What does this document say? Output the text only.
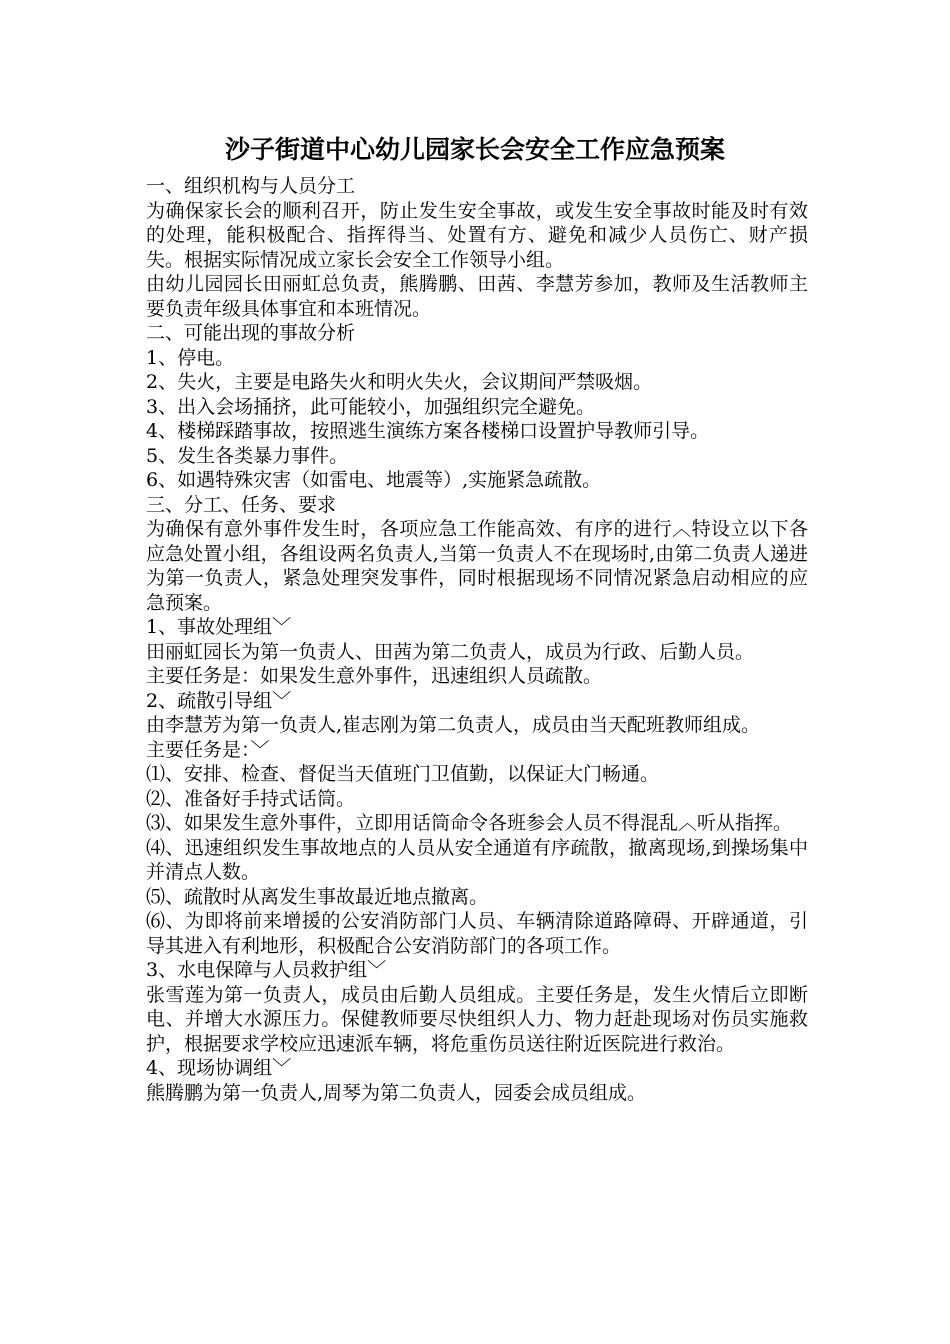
沙子街道中心幼儿园家长会安全工作应急预案

一、组织机构与人员分工

为确保家长会的顺利召开，防止发生安全事故，或发生安全事故时能及时有效的处理，能积极配合、指挥得当、处置有方、避免和减少人员伤亡、财产损失。根据实际情况成立家长会安全工作领导小组。

由幼儿园园长田丽虹总负责，熊腾鹏、田茜、李慧芳参加，教师及生活教师主要负责年级具体事宜和本班情况。

二、可能出现的事故分析

1、停电。

2、失火，主要是电路失火和明火失火，会议期间严禁吸烟。

3、出入会场捅挤，此可能较小，加强组织完全避免。

4、楼梯踩踏事故，按照逃生演练方案各楼梯口设置护导教师引导。

5、发生各类暴力事件。

6、如遇特殊灾害（如雷电、地震等）,实施紧急疏散。

三、分工、任务、要求

为确保有意外事件发生时，各项应急工作能高效、有序的进行︿特设立以下各应急处置小组，各组设两名负责人,当第一负责人不在现场时,由第二负责人递进为第一负责人，紧急处理突发事件，同时根据现场不同情况紧急启动相应的应急预案。

1、事故处理组﹀

田丽虹园长为第一负责人、田茜为第二负责人，成员为行政、后勤人员。

主要任务是：如果发生意外事件，迅速组织人员疏散。

2、疏散引导组﹀

由李慧芳为第一负责人,崔志刚为第二负责人，成员由当天配班教师组成。

主要任务是：﹀

⑴、安排、检查、督促当天值班门卫值勤，以保证大门畅通。

⑵、准备好手持式话筒。

⑶、如果发生意外事件，立即用话筒命令各班参会人员不得混乱︿听从指挥。

⑷、迅速组织发生事故地点的人员从安全通道有序疏散，撤离现场,到操场集中并清点人数。

⑸、疏散时从离发生事故最近地点撤离。

⑹、为即将前来增援的公安消防部门人员、车辆清除道路障碍、开辟通道，引导其进入有利地形，积极配合公安消防部门的各项工作。

3、水电保障与人员救护组﹀

张雪莲为第一负责人，成员由后勤人员组成。主要任务是，发生火情后立即断电、并增大水源压力。保健教师要尽快组织人力、物力赶赴现场对伤员实施救护，根据要求学校应迅速派车辆，将危重伤员送往附近医院进行救治。

4、现场协调组﹀

熊腾鹏为第一负责人,周琴为第二负责人，园委会成员组成。
